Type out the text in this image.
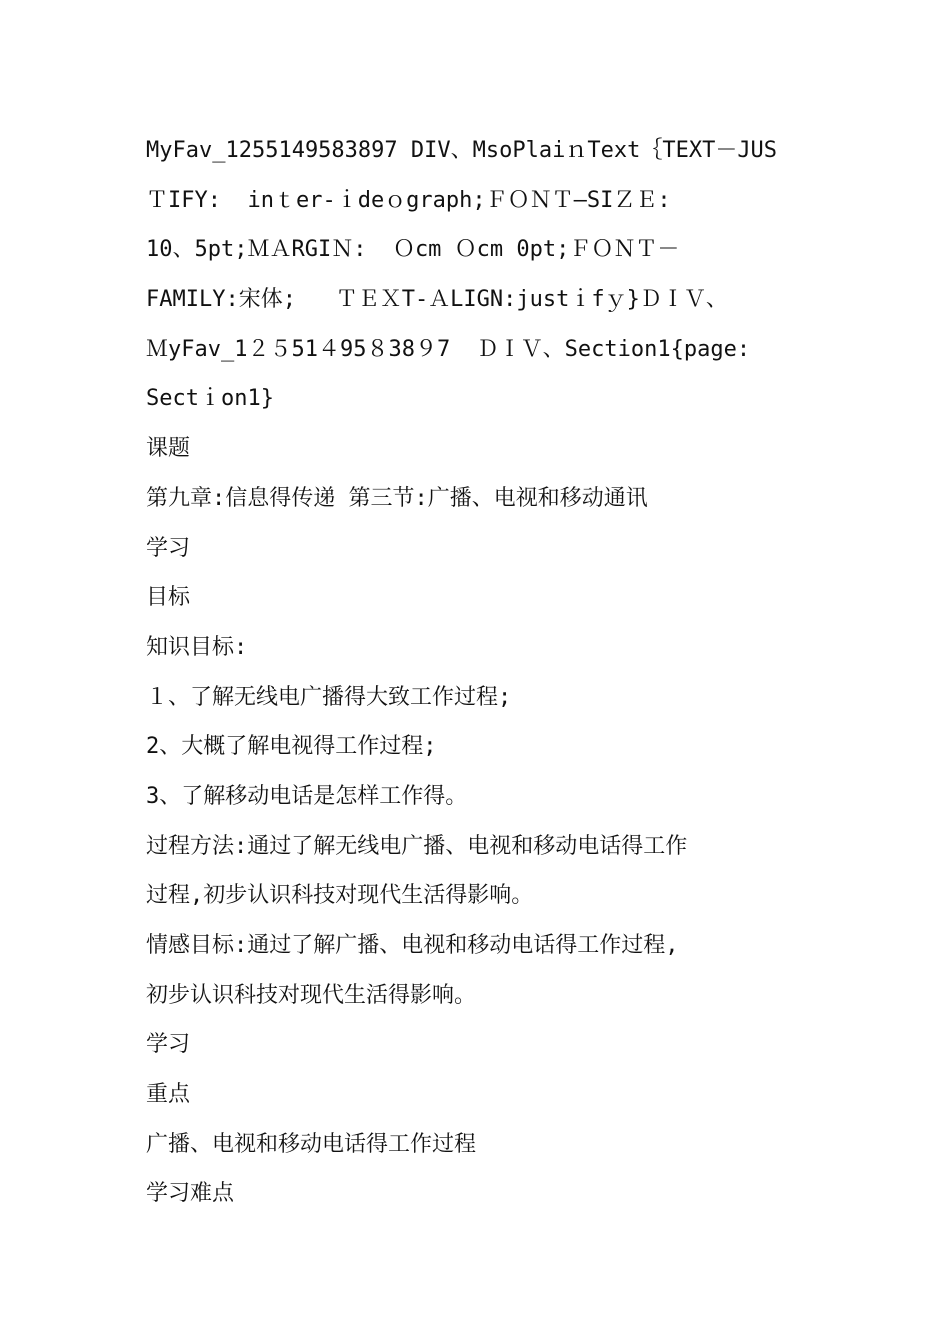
MyFav_1255149583897 DIV、MsoPlaiｎText｛TEXT－JUS
ＴIFY:  inｔer-ｉdeｏgraph;ＦＯＮＴ—SIＺＥ:
10、5pt;ＭＡRGIＮ:  Ｏcm Ｏcm 0pt;ＦＯＮＴ－
FAMILY:宋体;   ＴＥＸT-ＡLIGN:justｉfｙ}ＤＩＶ、
ＭyFav_1２５51４95８38９7  ＤＩＶ、Section1{page:
Sectｉon1}
课题
第九章:信息得传递 第三节:广播、电视和移动通讯
学习
目标
知识目标:
１、了解无线电广播得大致工作过程;
2、大概了解电视得工作过程;
3、了解移动电话是怎样工作得。
过程方法:通过了解无线电广播、电视和移动电话得工作
过程,初步认识科技对现代生活得影响。
情感目标:通过了解广播、电视和移动电话得工作过程,
初步认识科技对现代生活得影响。
学习
重点
广播、电视和移动电话得工作过程
学习难点
